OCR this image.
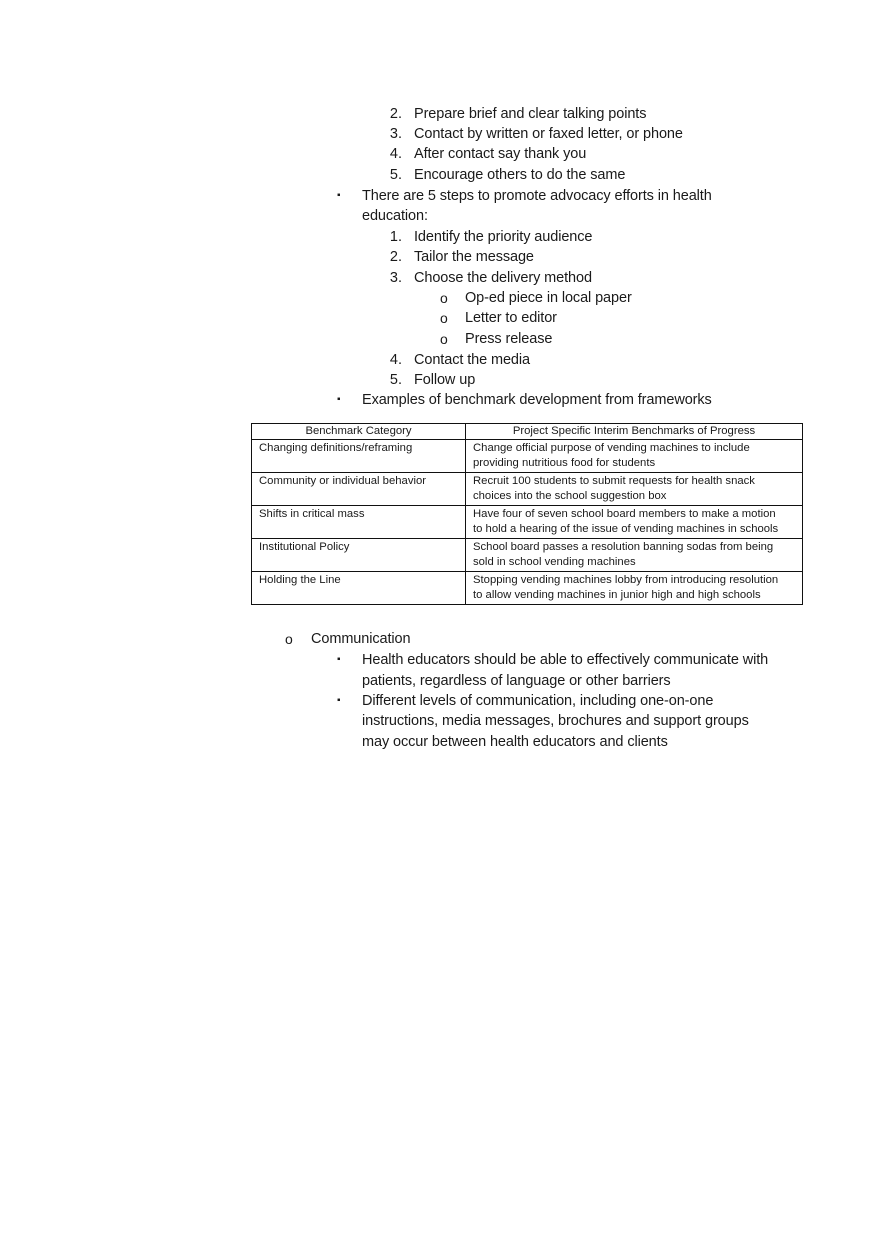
2. Prepare brief and clear talking points
3. Contact by written or faxed letter, or phone
4. After contact say thank you
5. Encourage others to do the same
▪ There are 5 steps to promote advocacy efforts in health
education:
1. Identify the priority audience
2. Tailor the message
3. Choose the delivery method
o Op-ed piece in local paper
o Letter to editor
o Press release
4. Contact the media
5. Follow up
▪ Examples of benchmark development from frameworks
Benchmark Category	Project Specific Interim Benchmarks of Progress
Changing definitions/reframing	Change official purpose of vending machines to include
providing nutritious food for students

Community or individual behavior	Recruit 100 students to submit requests for health snack
choices into the school suggestion box

Shifts in critical mass	Have four of seven school board members to make a motion
to hold a hearing of the issue of vending machines in schools

Institutional Policy	School board passes a resolution banning sodas from being
sold in school vending machines

Holding the Line	Stopping vending machines lobby from introducing resolution
to allow vending machines in junior high and high schools
o Communication
▪ Health educators should be able to effectively communicate with
patients, regardless of language or other barriers
▪ Different levels of communication, including one-on-one
instructions, media messages, brochures and support groups
may occur between health educators and clients
